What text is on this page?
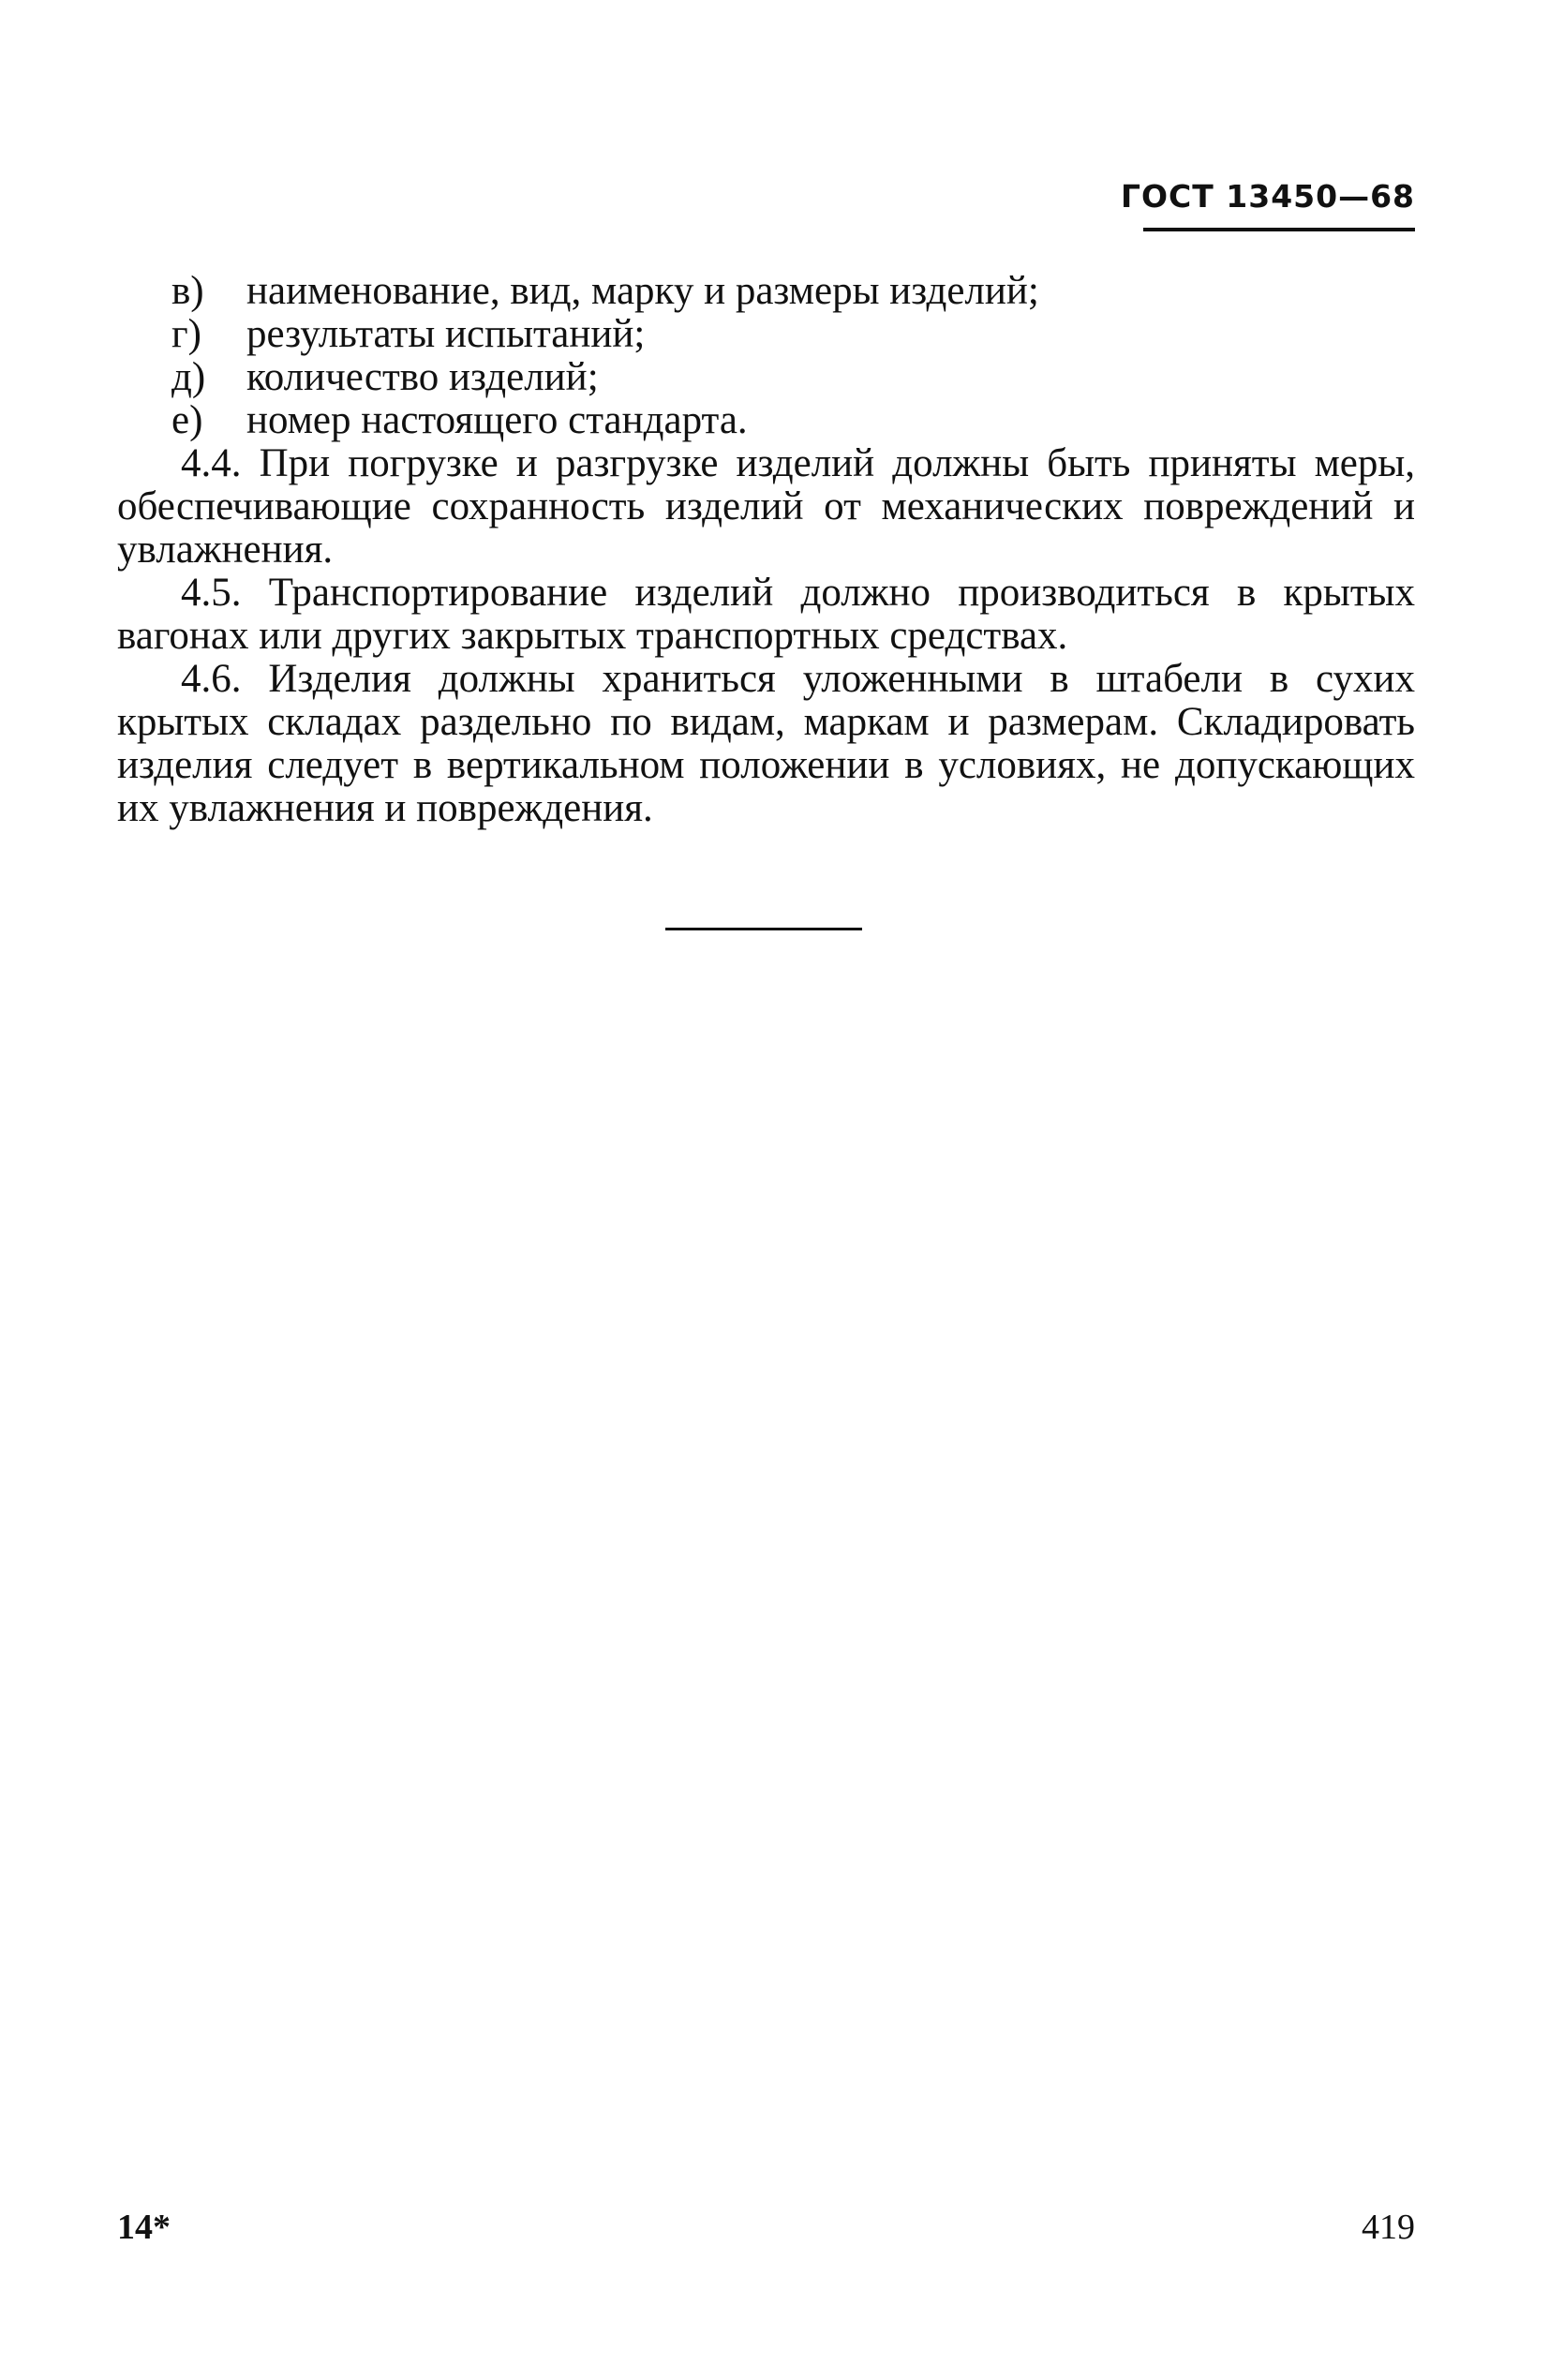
ГОСТ 13450—68

в) наименование, вид, марку и размеры изделий;

г) результаты испытаний;

д) количество изделий;

е) номер настоящего стандарта.

4.4. При погрузке и разгрузке изделий должны быть приняты меры, обеспечивающие сохранность изделий от механических повреждений и увлажнения.

4.5. Транспортирование изделий должно производиться в крытых вагонах или других закрытых транспортных средствах.

4.6. Изделия должны храниться уложенными в штабели в сухих крытых складах раздельно по видам, маркам и размерам. Складировать изделия следует в вертикальном положении в условиях, не допускающих их увлажнения и повреждения.

14*	419
